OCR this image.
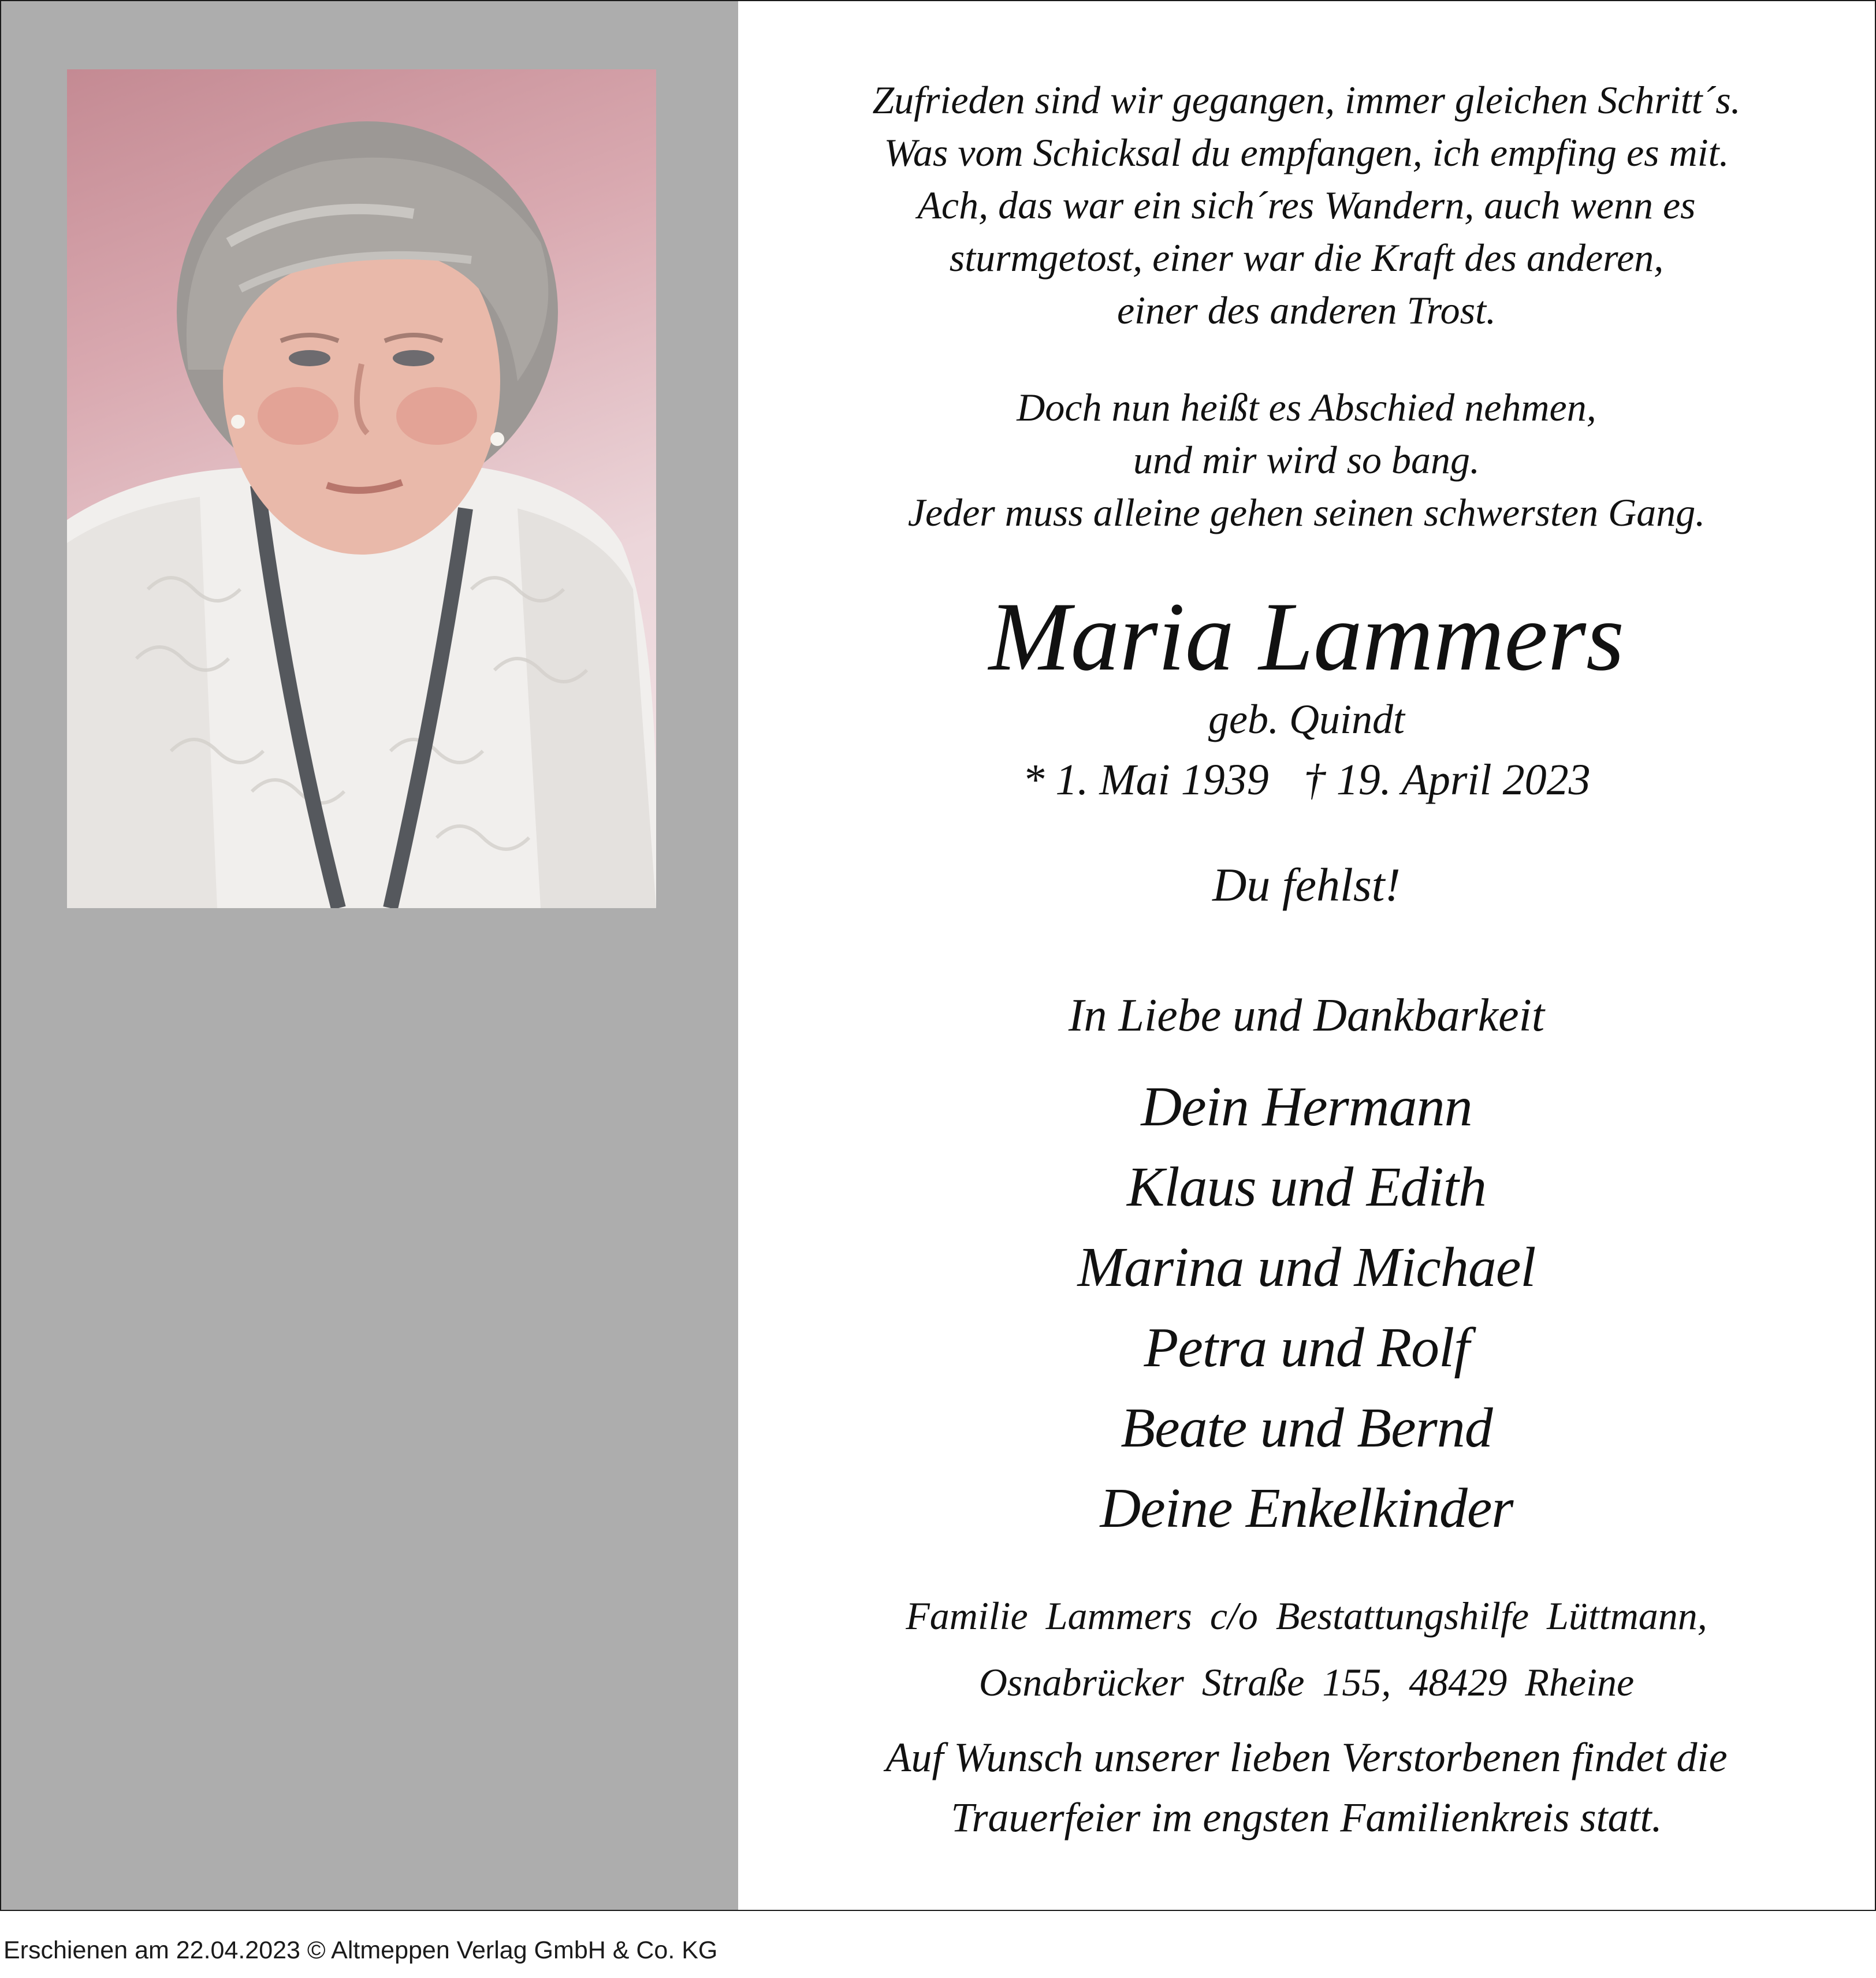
Zufrieden sind wir gegangen, immer gleichen Schritt´s.
Was vom Schicksal du empfangen, ich empfing es mit.
Ach, das war ein sich´res Wandern, auch wenn es
sturmgetost, einer war die Kraft des anderen,
einer des anderen Trost.
Doch nun heißt es Abschied nehmen,
und mir wird so bang.
Jeder muss alleine gehen seinen schwersten Gang.
Maria Lammers
geb. Quindt
* 1. Mai 1939 † 19. April 2023
Du fehlst!
In Liebe und Dankbarkeit
Dein Hermann
Klaus und Edith
Marina und Michael
Petra und Rolf
Beate und Bernd
Deine Enkelkinder
Familie Lammers c/o Bestattungshilfe Lüttmann,
Osnabrücker Straße 155, 48429 Rheine
Auf Wunsch unserer lieben Verstorbenen findet die
Trauerfeier im engsten Familienkreis statt.
Erschienen am 22.04.2023 © Altmeppen Verlag GmbH & Co. KG
